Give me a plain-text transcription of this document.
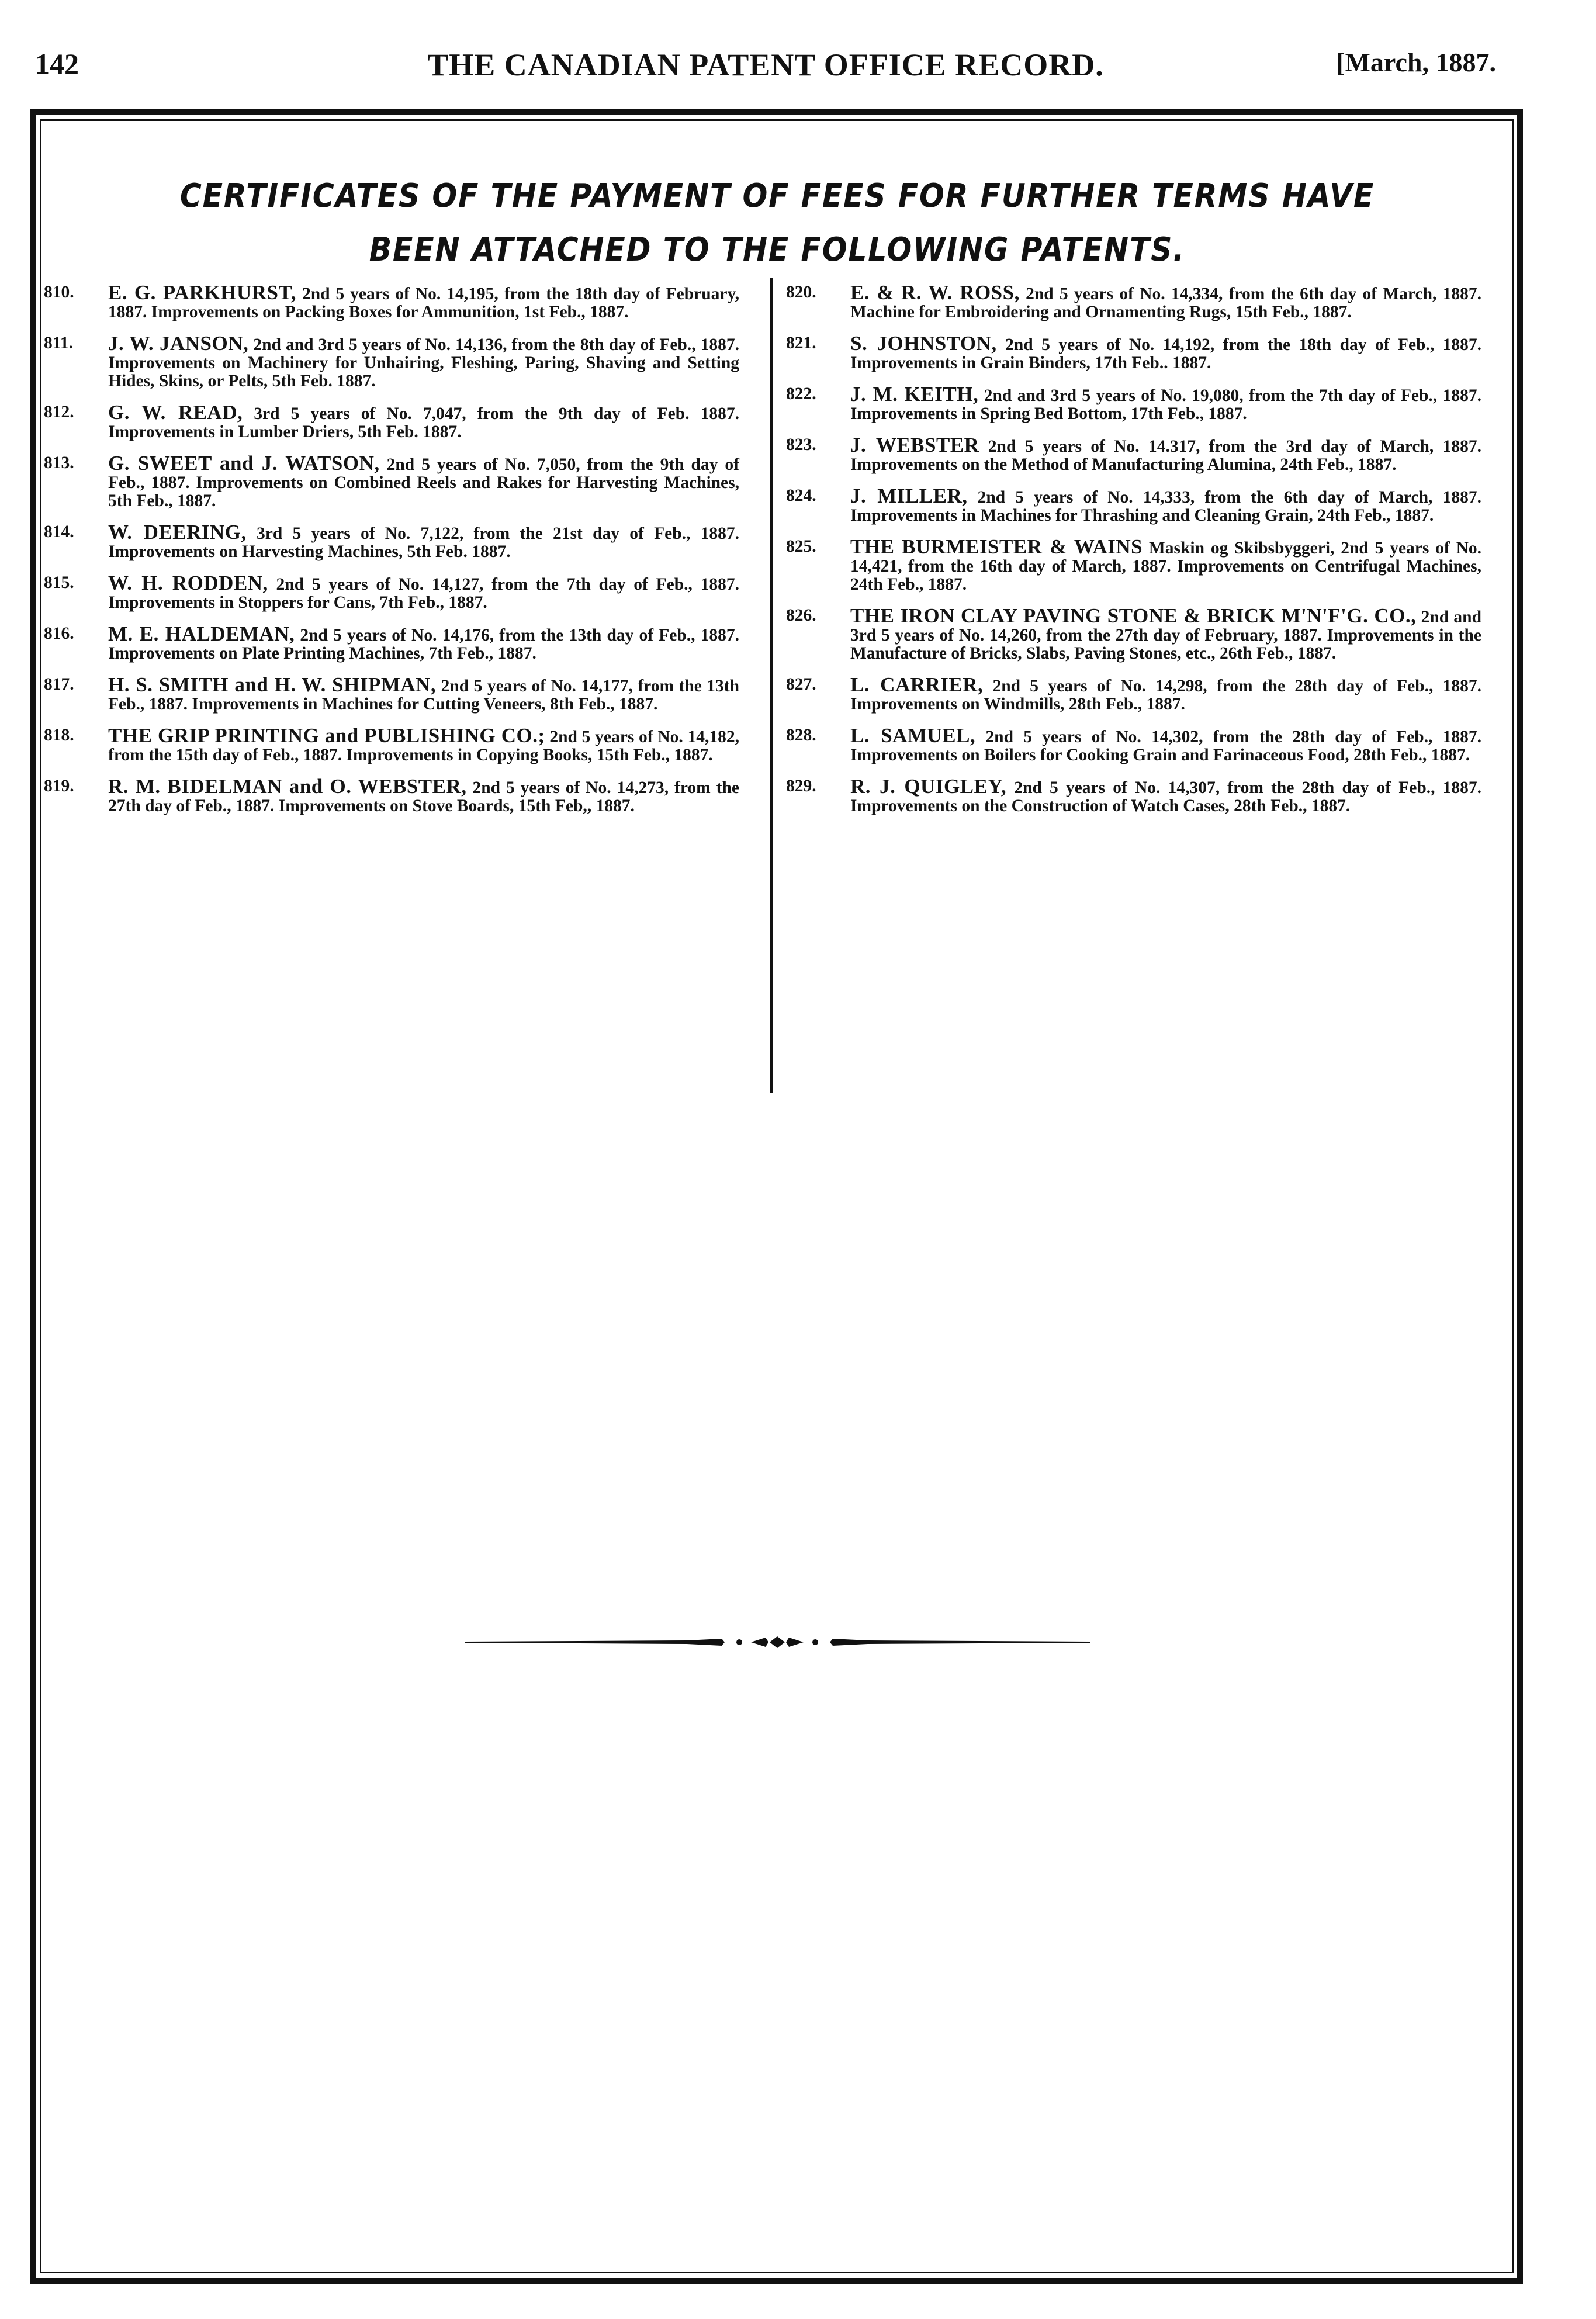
142	THE CANADIAN PATENT OFFICE RECORD.	[March, 1887.
CERTIFICATES OF THE PAYMENT OF FEES FOR FURTHER TERMS HAVE BEEN ATTACHED TO THE FOLLOWING PATENTS.
810. E. G. PARKHURST, 2nd 5 years of No. 14,195, from the 18th day of February, 1887. Improvements on Packing Boxes for Ammunition, 1st Feb., 1887.
811. J. W. JANSON, 2nd and 3rd 5 years of No. 14,136, from the 8th day of Feb., 1887. Improvements on Machinery for Unhairing, Fleshing, Paring, Shaving and Setting Hides, Skins, or Pelts, 5th Feb. 1887.
812. G. W. READ, 3rd 5 years of No. 7,047, from the 9th day of Feb. 1887. Improvements in Lumber Driers, 5th Feb. 1887.
813. G. SWEET and J. WATSON, 2nd 5 years of No. 7,050, from the 9th day of Feb., 1887. Improvements on Combined Reels and Rakes for Harvesting Machines, 5th Feb., 1887.
814. W. DEERING, 3rd 5 years of No. 7,122, from the 21st day of Feb., 1887. Improvements on Harvesting Machines, 5th Feb. 1887.
815. W. H. RODDEN, 2nd 5 years of No. 14,127, from the 7th day of Feb., 1887. Improvements in Stoppers for Cans, 7th Feb., 1887.
816. M. E. HALDEMAN, 2nd 5 years of No. 14,176, from the 13th day of Feb., 1887. Improvements on Plate Printing Machines, 7th Feb., 1887.
817. H. S. SMITH and H. W. SHIPMAN, 2nd 5 years of No. 14,177, from the 13th Feb., 1887. Improvements in Machines for Cutting Veneers, 8th Feb., 1887.
818. THE GRIP PRINTING and PUBLISHING CO.; 2nd 5 years of No. 14,182, from the 15th day of Feb., 1887. Improvements in Copying Books, 15th Feb., 1887.
819. R. M. BIDELMAN and O. WEBSTER, 2nd 5 years of No. 14,273, from the 27th day of Feb., 1887. Improvements on Stove Boards, 15th Feb,, 1887.
820. E. & R. W. ROSS, 2nd 5 years of No. 14,334, from the 6th day of March, 1887. Machine for Embroidering and Ornamenting Rugs, 15th Feb., 1887.
821. S. JOHNSTON, 2nd 5 years of No. 14,192, from the 18th day of Feb., 1887. Improvements in Grain Binders, 17th Feb.. 1887.
822. J. M. KEITH, 2nd and 3rd 5 years of No. 19,080, from the 7th day of Feb., 1887. Improvements in Spring Bed Bottom, 17th Feb., 1887.
823. J. WEBSTER 2nd 5 years of No. 14.317, from the 3rd day of March, 1887. Improvements on the Method of Manufacturing Alumina, 24th Feb., 1887.
824. J. MILLER, 2nd 5 years of No. 14,333, from the 6th day of March, 1887. Improvements in Machines for Thrashing and Cleaning Grain, 24th Feb., 1887.
825. THE BURMEISTER & WAINS Maskin og Skibsbyggeri, 2nd 5 years of No. 14,421, from the 16th day of March, 1887. Improvements on Centrifugal Machines, 24th Feb., 1887.
826. THE IRON CLAY PAVING STONE & BRICK M'N'F'G. CO., 2nd and 3rd 5 years of No. 14,260, from the 27th day of February, 1887. Improvements in the Manufacture of Bricks, Slabs, Paving Stones, etc., 26th Feb., 1887.
827. L. CARRIER, 2nd 5 years of No. 14,298, from the 28th day of Feb., 1887. Improvements on Windmills, 28th Feb., 1887.
828. L. SAMUEL, 2nd 5 years of No. 14,302, from the 28th day of Feb., 1887. Improvements on Boilers for Cooking Grain and Farinaceous Food, 28th Feb., 1887.
829. R. J. QUIGLEY, 2nd 5 years of No. 14,307, from the 28th day of Feb., 1887. Improvements on the Construction of Watch Cases, 28th Feb., 1887.
